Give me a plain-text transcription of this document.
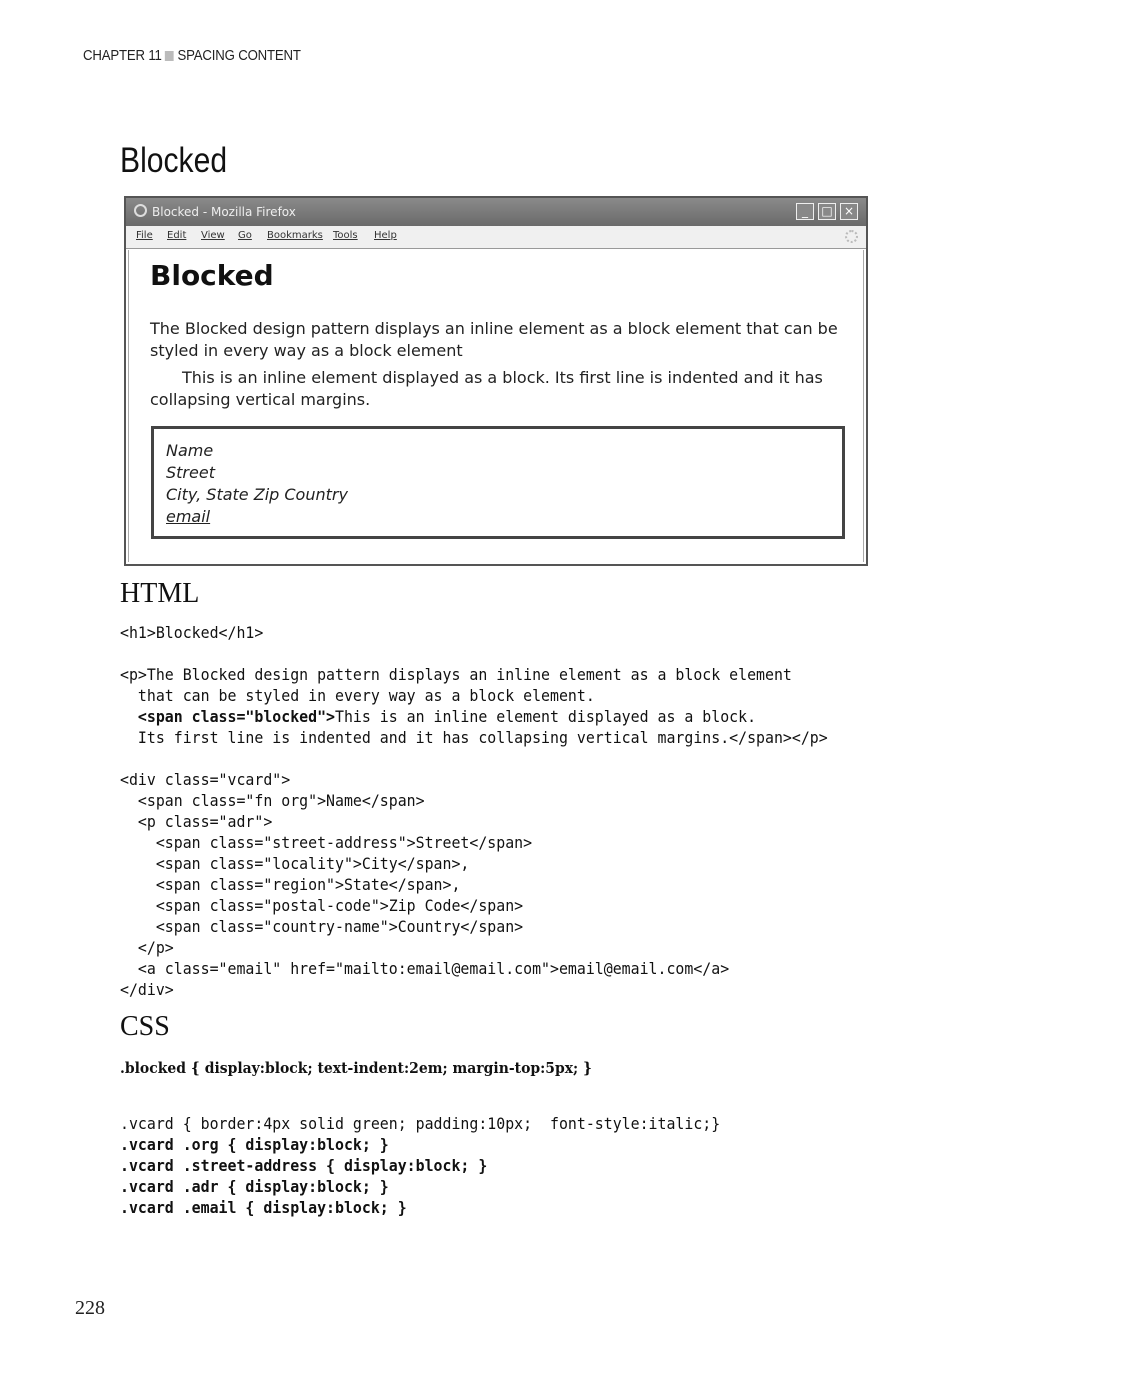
CHAPTER 11 SPACING CONTENT
Blocked
Blocked - Mozilla Firefox	_	□ ×
File Edit View Go Bookmarks Tools Help
Blocked

The Blocked design pattern displays an inline element as a block element that can be styled in every way as a block element
This is an inline element displayed as a block. Its first line is indented and it has collapsing vertical margins.

Name
Street
City, State Zip Country
email
HTML
<h1>Blocked</h1>

<p>The Blocked design pattern displays an inline element as a block element
that can be styled in every way as a block element.
<span class="blocked">This is an inline element displayed as a block.
Its first line is indented and it has collapsing vertical margins.</span></p>

<div class="vcard">
<span class="fn org">Name</span>
<p class="adr">
<span class="street-address">Street</span>
<span class="locality">City</span>,
<span class="region">State</span>,
<span class="postal-code">Zip Code</span>
<span class="country-name">Country</span>
</p>
<a class="email" href="mailto:email@email.com">email@email.com</a>
</div>
CSS
.blocked { display:block; text-indent:2em; margin-top:5px; }
.vcard { border:4px solid green; padding:10px;  font-style:italic;}
.vcard .org { display:block; }
.vcard .street-address { display:block; }
.vcard .adr { display:block; }
.vcard .email { display:block; }
228
